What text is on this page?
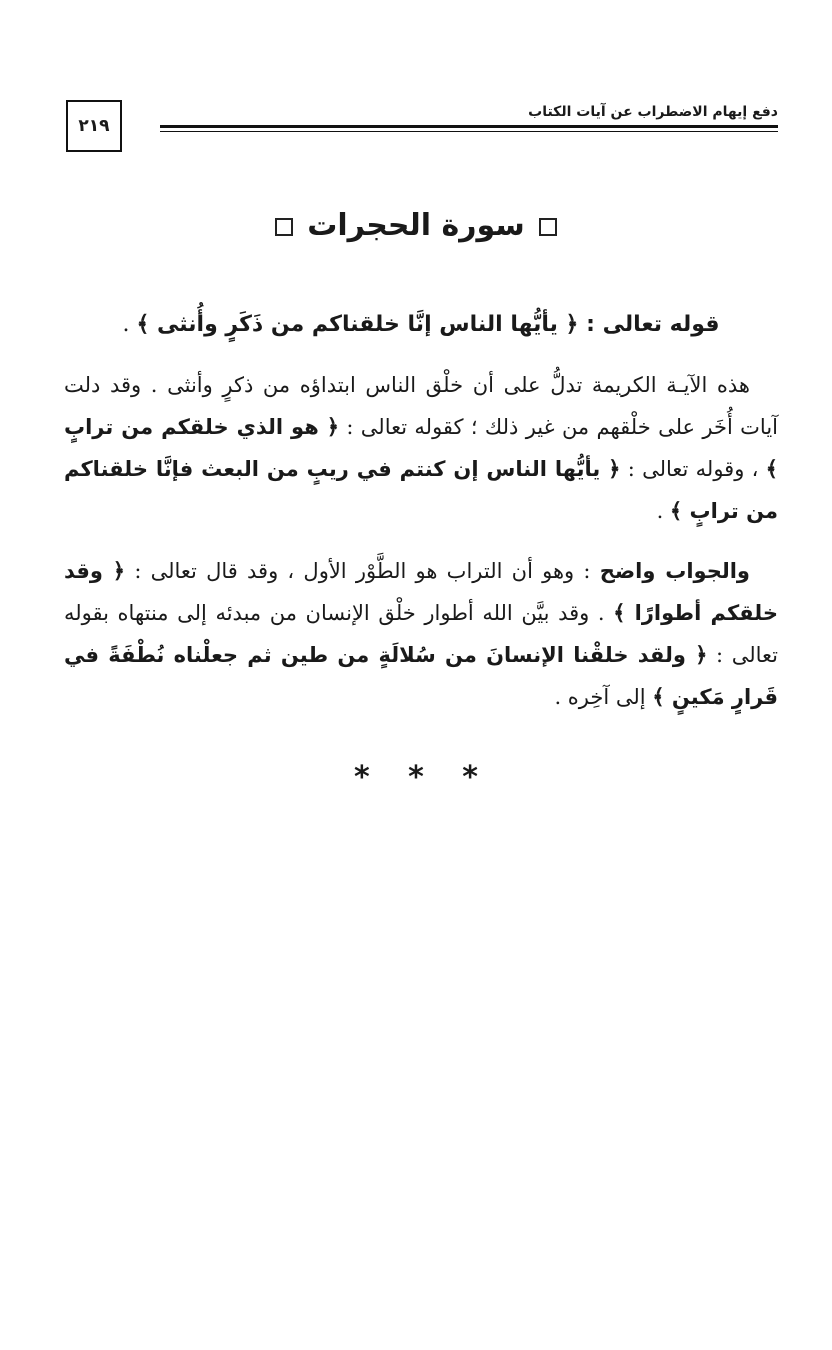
٢١٩
دفع إيهام الاضطراب عن آيات الكتاب
سورة الحجرات

قوله تعالى : ﴿ يأيُّها الناس إنَّا خلقناكم من ذَكَرٍ وأُنثى ﴾ .

هذه الآيـة الكريمة تدلُّ على أن خلْق الناس ابتداؤه من ذكرٍ وأنثى . وقد دلت آيات أُخَر على خلْقهم من غير ذلك ؛ كقوله تعالى : ﴿ هو الذي خلقكم من ترابٍ ﴾ ، وقوله تعالى : ﴿ يأيُّها الناس إن كنتم في ريبٍ من البعث فإنَّا خلقناكم من ترابٍ ﴾ .

والجواب واضح : وهو أن التراب هو الطَّوْر الأول ، وقد قال تعالى : ﴿ وقد خلقكم أطوارًا ﴾ . وقد بيَّن الله أطوار خلْق الإنسان من مبدئه إلى منتهاه بقوله تعالى : ﴿ ولقد خلقْنا الإنسانَ من سُلالَةٍ من طين ثم جعلْناه نُطْفَةً في قَرارٍ مَكينٍ ﴾ إلى آخِره .

* * *
